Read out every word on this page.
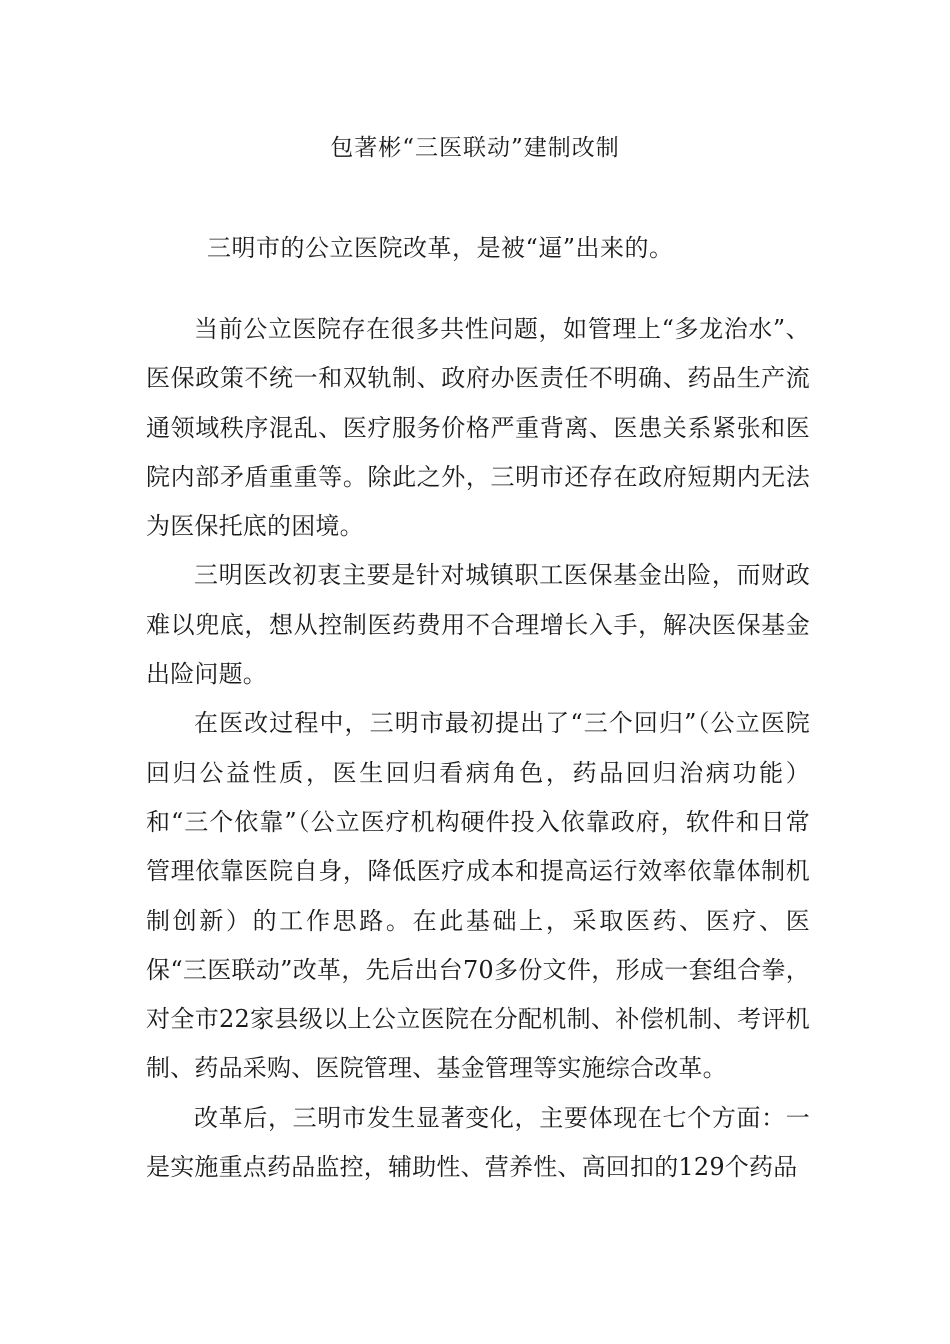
包著彬“三医联动”建制改制
三明市的公立医院改革，是被“逼”出来的。

当前公立医院存在很多共性问题，如管理上“多龙治水”、医保政策不统一和双轨制、政府办医责任不明确、药品生产流通领域秩序混乱、医疗服务价格严重背离、医患关系紧张和医院内部矛盾重重等。除此之外，三明市还存在政府短期内无法为医保托底的困境。

三明医改初衷主要是针对城镇职工医保基金出险，而财政难以兜底，想从控制医药费用不合理增长入手，解决医保基金出险问题。

在医改过程中，三明市最初提出了“三个回归”（公立医院回归公益性质，医生回归看病角色，药品回归治病功能）和“三个依靠”（公立医疗机构硬件投入依靠政府，软件和日常管理依靠医院自身，降低医疗成本和提高运行效率依靠体制机制创新）的工作思路。在此基础上，采取医药、医疗、医保“三医联动”改革，先后出台70多份文件，形成一套组合拳，对全市22家县级以上公立医院在分配机制、补偿机制、考评机制、药品采购、医院管理、基金管理等实施综合改革。

改革后，三明市发生显著变化，主要体现在七个方面：一是实施重点药品监控，辅助性、营养性、高回扣的129个药品
